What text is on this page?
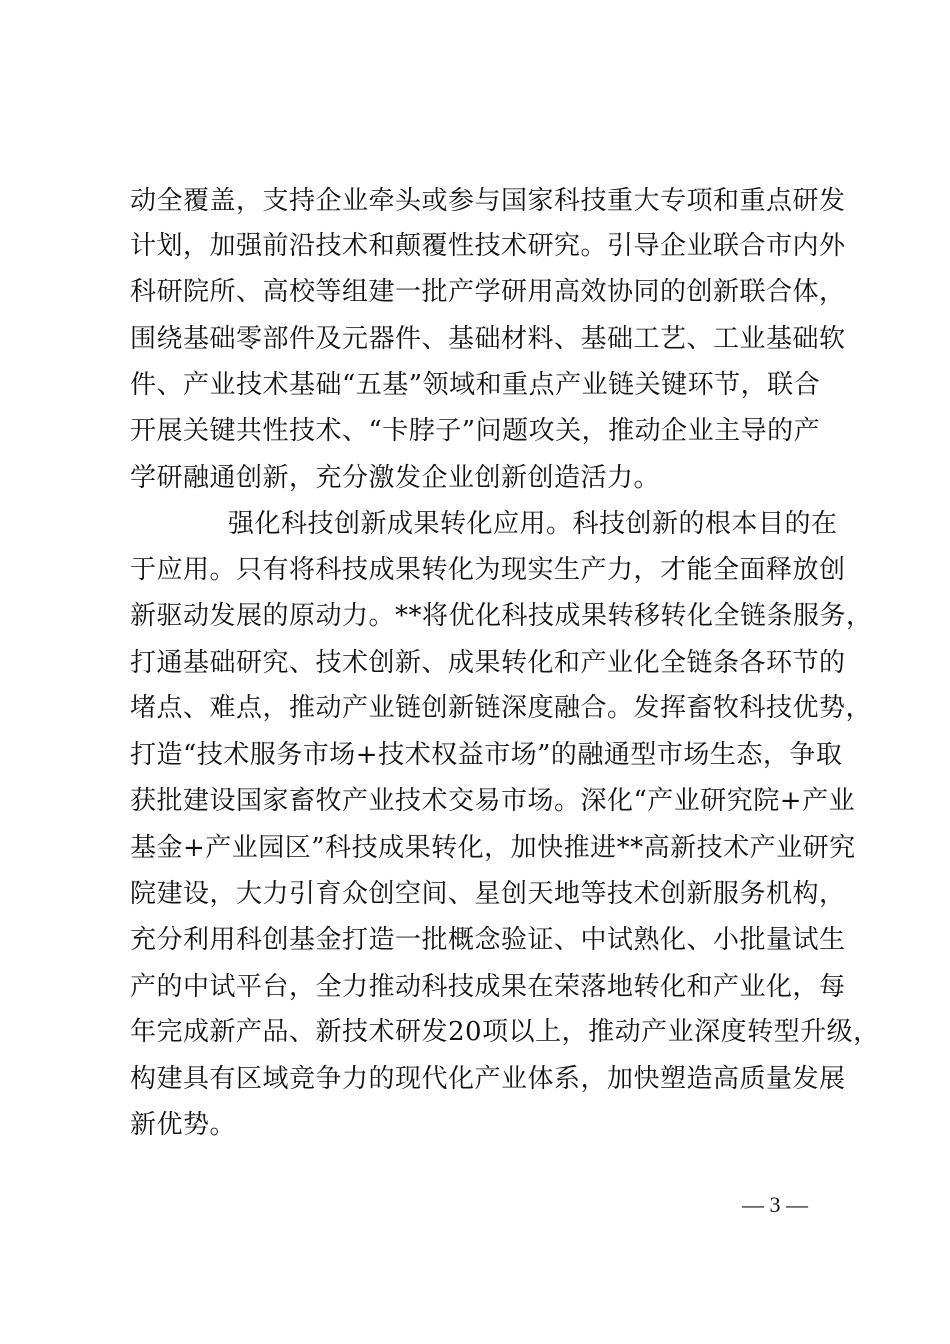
动全覆盖，支持企业牵头或参与国家科技重大专项和重点研发
计划，加强前沿技术和颠覆性技术研究。引导企业联合市内外
科研院所、高校等组建一批产学研用高效协同的创新联合体，
围绕基础零部件及元器件、基础材料、基础工艺、工业基础软
件、产业技术基础“五基”领域和重点产业链关键环节，联合
开展关键共性技术、“卡脖子”问题攻关，推动企业主导的产
学研融通创新，充分激发企业创新创造活力。
强化科技创新成果转化应用。科技创新的根本目的在
于应用。只有将科技成果转化为现实生产力，才能全面释放创
新驱动发展的原动力。**将优化科技成果转移转化全链条服务，
打通基础研究、技术创新、成果转化和产业化全链条各环节的
堵点、难点，推动产业链创新链深度融合。发挥畜牧科技优势，
打造“技术服务市场+技术权益市场”的融通型市场生态，争取
获批建设国家畜牧产业技术交易市场。深化“产业研究院+产业
基金+产业园区”科技成果转化，加快推进**高新技术产业研究
院建设，大力引育众创空间、星创天地等技术创新服务机构，
充分利用科创基金打造一批概念验证、中试熟化、小批量试生
产的中试平台，全力推动科技成果在荣落地转化和产业化，每
年完成新产品、新技术研发20项以上，推动产业深度转型升级，
构建具有区域竞争力的现代化产业体系，加快塑造高质量发展
新优势。
— 3 —
